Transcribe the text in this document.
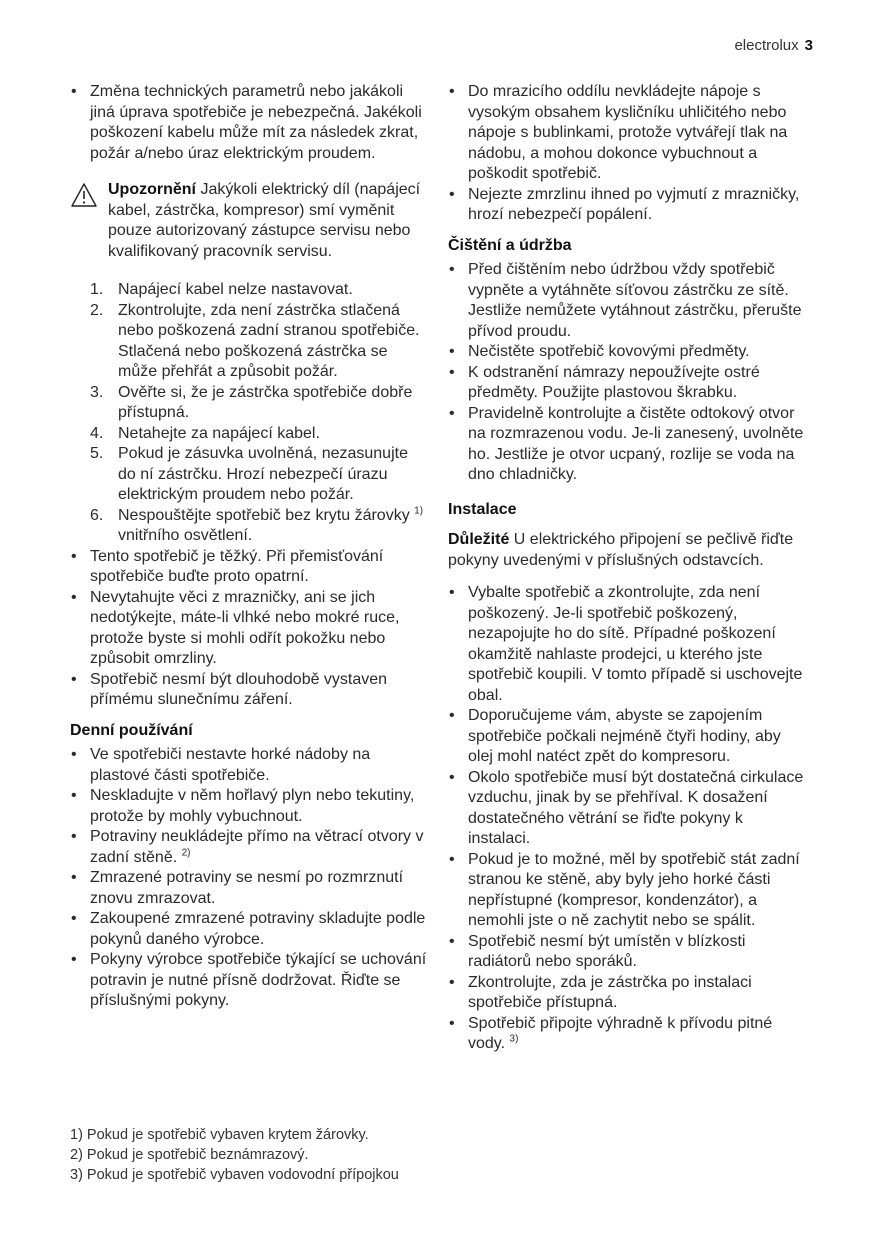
electrolux 3
• Změna technických parametrů nebo jakákoli jiná úprava spotřebiče je nebezpečná. Jakékoli poškození kabelu může mít za následek zkrat, požár a/nebo úraz elektrickým proudem.
Upozornění Jakýkoli elektrický díl (napájecí kabel, zástrčka, kompresor) smí vyměnit pouze autorizovaný zástupce servisu nebo kvalifikovaný pracovník servisu.
1. Napájecí kabel nelze nastavovat.
2. Zkontrolujte, zda není zástrčka stlačená nebo poškozená zadní stranou spotřebiče. Stlačená nebo poškozená zástrčka se může přehřát a způsobit požár.
3. Ověřte si, že je zástrčka spotřebiče dobře přístupná.
4. Netahejte za napájecí kabel.
5. Pokud je zásuvka uvolněná, nezasunujte do ní zástrčku. Hrozí nebezpečí úrazu elektrickým proudem nebo požár.
6. Nespouštějte spotřebič bez krytu žárovky $^{1)}$ vnitřního osvětlení.
• Tento spotřebič je těžký. Při přemisťování spotřebiče buďte proto opatrní.
• Nevytahujte věci z mrazničky, ani se jich nedotýkejte, máte-li vlhké nebo mokré ruce, protože byste si mohli odřít pokožku nebo způsobit omrzliny.
• Spotřebič nesmí být dlouhodobě vystaven přímému slunečnímu záření.
Denní používání
• Ve spotřebiči nestavte horké nádoby na plastové části spotřebiče.
• Neskladujte v něm hořlavý plyn nebo tekutiny, protože by mohly vybuchnout.
• Potraviny neukládejte přímo na větrací otvory v zadní stěně. $^{2)}$
• Zmrazené potraviny se nesmí po rozmrznutí znovu zmrazovat.
• Zakoupené zmrazené potraviny skladujte podle pokynů daného výrobce.
• Pokyny výrobce spotřebiče týkající se uchování potravin je nutné přísně dodržovat. Řiďte se příslušnými pokyny.
• Do mrazicího oddílu nevkládejte nápoje s vysokým obsahem kysličníku uhličitého nebo nápoje s bublinkami, protože vytvářejí tlak na nádobu, a mohou dokonce vybuchnout a poškodit spotřebič.
• Nejezte zmrzlinu ihned po vyjmutí z mrazničky, hrozí nebezpečí popálení.
Čištění a údržba
• Před čištěním nebo údržbou vždy spotřebič vypněte a vytáhněte síťovou zástrčku ze sítě. Jestliže nemůžete vytáhnout zástrčku, přerušte přívod proudu.
• Nečistěte spotřebič kovovými předměty.
• K odstranění námrazy nepoužívejte ostré předměty. Použijte plastovou škrabku.
• Pravidelně kontrolujte a čistěte odtokový otvor na rozmrazenou vodu. Je-li zanesený, uvolněte ho. Jestliže je otvor ucpaný, rozlije se voda na dno chladničky.
Instalace
Důležité U elektrického připojení se pečlivě řiďte pokyny uvedenými v příslušných odstavcích.
• Vybalte spotřebič a zkontrolujte, zda není poškozený. Je-li spotřebič poškozený, nezapojujte ho do sítě. Případné poškození okamžitě nahlaste prodejci, u kterého jste spotřebič koupili. V tomto případě si uschovejte obal.
• Doporučujeme vám, abyste se zapojením spotřebiče počkali nejméně čtyři hodiny, aby olej mohl natéct zpět do kompresoru.
• Okolo spotřebiče musí být dostatečná cirkulace vzduchu, jinak by se přehříval. K dosažení dostatečného větrání se řiďte pokyny k instalaci.
• Pokud je to možné, měl by spotřebič stát zadní stranou ke stěně, aby byly jeho horké části nepřístupné (kompresor, kondenzátor), a nemohli jste o ně zachytit nebo se spálit.
• Spotřebič nesmí být umístěn v blízkosti radiátorů nebo sporáků.
• Zkontrolujte, zda je zástrčka po instalaci spotřebiče přístupná.
• Spotřebič připojte výhradně k přívodu pitné vody. $^{3)}$
1) Pokud je spotřebič vybaven krytem žárovky.
2) Pokud je spotřebič beznámrazový.
3) Pokud je spotřebič vybaven vodovodní přípojkou
